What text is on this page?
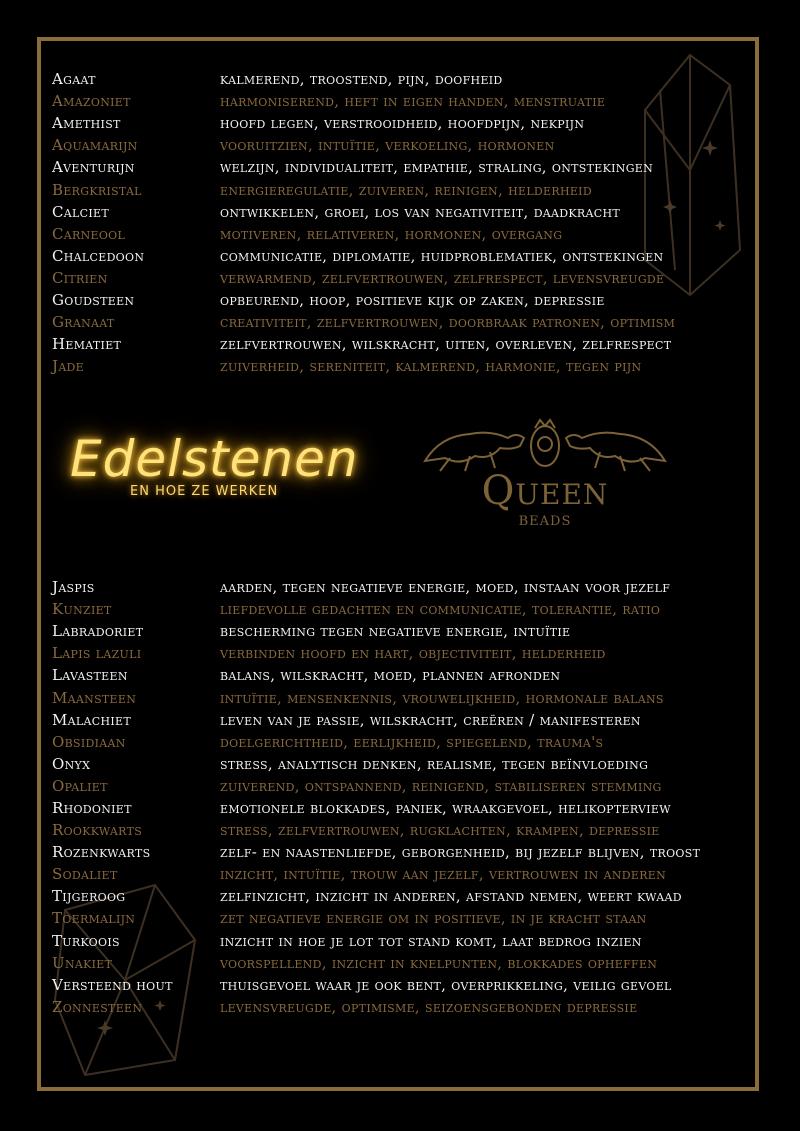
Agaat	kalmerend, troostend, pijn, doofheid
Amazoniet	harmoniserend, heft in eigen handen, menstruatie
Amethist	hoofd legen, verstrooidheid, hoofdpijn, nekpijn
Aquamarijn	vooruitzien, intuïtie, verkoeling, hormonen
Aventurijn	welzijn, individualiteit, empathie, straling, ontstekingen
Bergkristal	energieregulatie, zuiveren, reinigen, helderheid
Calciet	ontwikkelen, groei, los van negativiteit, daadkracht
Carneool	motiveren, relativeren, hormonen, overgang
Chalcedoon	communicatie, diplomatie, huidproblematiek, ontstekingen
Citrien	verwarmend, zelfvertrouwen, zelfrespect, levensvreugde
Goudsteen	opbeurend, hoop, positieve kijk op zaken, depressie
Granaat	creativiteit, zelfvertrouwen, doorbraak patronen, optimism
Hematiet	zelfvertrouwen, wilskracht, uiten, overleven, zelfrespect
Jade	zuiverheid, sereniteit, kalmerend, harmonie, tegen pijn
Edelstenen
EN HOE ZE WERKEN	Queen
BEADS
Jaspis	aarden, tegen negatieve energie, moed, instaan voor jezelf
Kunziet	liefdevolle gedachten en communicatie, tolerantie, ratio
Labradoriet	bescherming tegen negatieve energie, intuïtie
Lapis lazuli	verbinden hoofd en hart, objectiviteit, helderheid
Lavasteen	balans, wilskracht, moed, plannen afronden
Maansteen	intuïtie, mensenkennis, vrouwelijkheid, hormonale balans
Malachiet	leven van je passie, wilskracht, creëren / manifesteren
Obsidiaan	doelgerichtheid, eerlijkheid, spiegelend, trauma's
Onyx	stress, analytisch denken, realisme, tegen beïnvloeding
Opaliet	zuiverend, ontspannend, reinigend, stabiliseren stemming
Rhodoniet	emotionele blokkades, paniek, wraakgevoel, helikopterview
Rookkwarts	stress, zelfvertrouwen, rugklachten, krampen, depressie
Rozenkwarts	zelf- en naastenliefde, geborgenheid, bij jezelf blijven, troost
Sodaliet	inzicht, intuïtie, trouw aan jezelf, vertrouwen in anderen
Tijgeroog	zelfinzicht, inzicht in anderen, afstand nemen, weert kwaad
Toermalijn	zet negatieve energie om in positieve, in je kracht staan
Turkoois	inzicht in hoe je lot tot stand komt, laat bedrog inzien
Unakiet	voorspellend, inzicht in knelpunten, blokkades opheffen
Versteend hout	thuisgevoel waar je ook bent, overprikkeling, veilig gevoel
Zonnesteen	levensvreugde, optimisme, seizoensgebonden depressie
